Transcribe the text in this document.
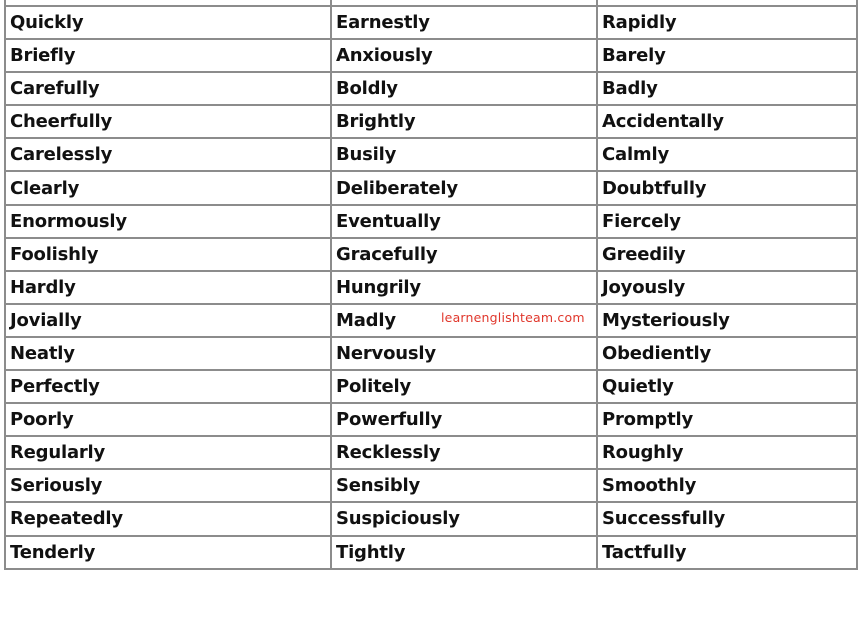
Quickly	Earnestly	Rapidly
Briefly	Anxiously	Barely
Carefully	Boldly	Badly
Cheerfully	Brightly	Accidentally
Carelessly	Busily	Calmly
Clearly	Deliberately	Doubtfully
Enormously	Eventually	Fiercely
Foolishly	Gracefully	Greedily
Hardly	Hungrily	Joyously
Jovially	Madly	Mysteriously
Neatly	Nervously	Obediently
Perfectly	Politely	Quietly
Poorly	Powerfully	Promptly
Regularly	Recklessly	Roughly
Seriously	Sensibly	Smoothly
Repeatedly	Suspiciously	Successfully
Tenderly	Tightly	Tactfully
learnenglishteam.com
